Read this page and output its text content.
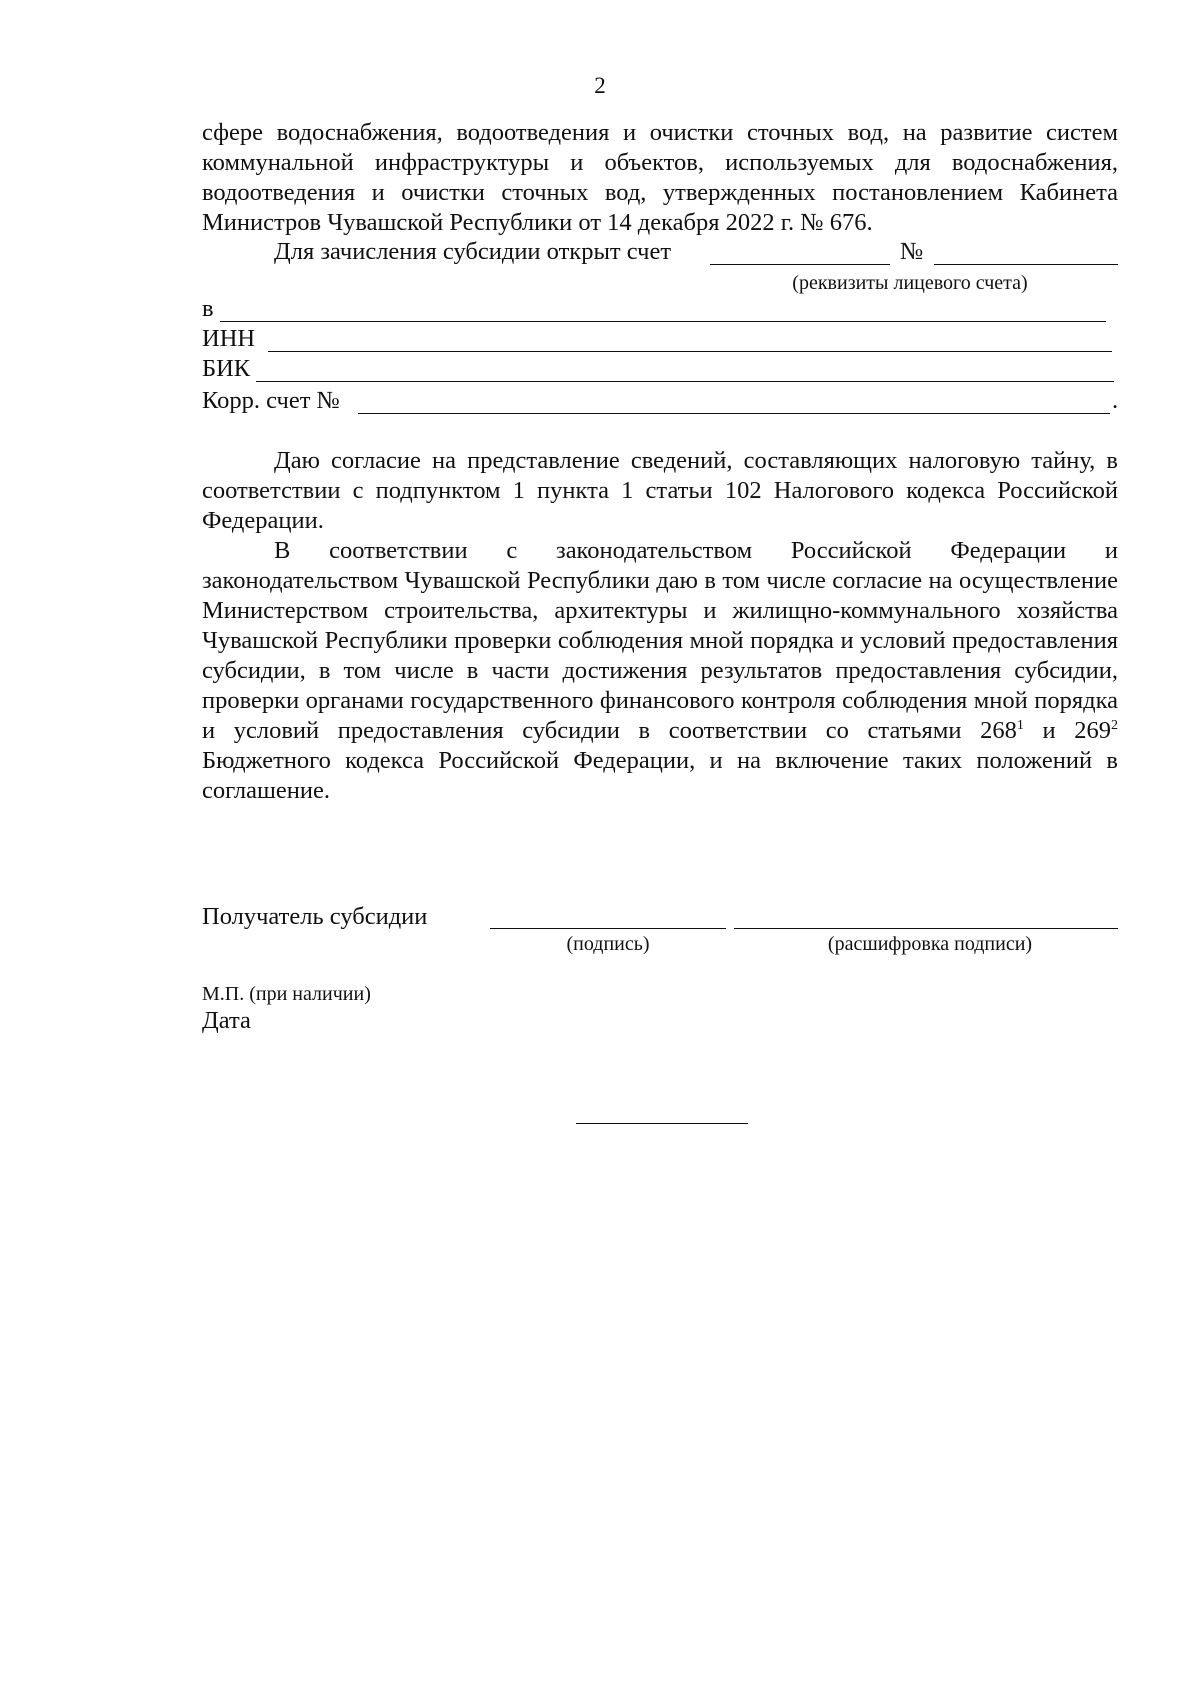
2

сфере водоснабжения, водоотведения и очистки сточных вод, на развитие систем коммунальной инфраструктуры и объектов, используемых для водоснабжения, водоотведения и очистки сточных вод, утвержденных постановлением Кабинета Министров Чувашской Республики от 14 декабря 2022 г. № 676.

Для зачисления субсидии открыт счет	№
(реквизиты лицевого счета)
в
ИНН
БИК
Корр. счет №	.

Даю согласие на представление сведений, составляющих налоговую тайну, в соответствии с подпунктом 1 пункта 1 статьи 102 Налогового кодекса Российской Федерации.

В соответствии с законодательством Российской Федерации и законодательством Чувашской Республики даю в том числе согласие на осуществление Министерством строительства, архитектуры и жилищно-коммунального хозяйства Чувашской Республики проверки соблюдения мной порядка и условий предоставления субсидии, в том числе в части достижения результатов предоставления субсидии, проверки органами государственного финансового контроля соблюдения мной порядка и условий предоставления субсидии в соответствии со статьями $268^1$ и $269^2$ Бюджетного кодекса Российской Федерации, и на включение таких положений в соглашение.

Получатель субсидии
(подпись)	(расшифровка подписи)
М.П. (при наличии)
Дата
